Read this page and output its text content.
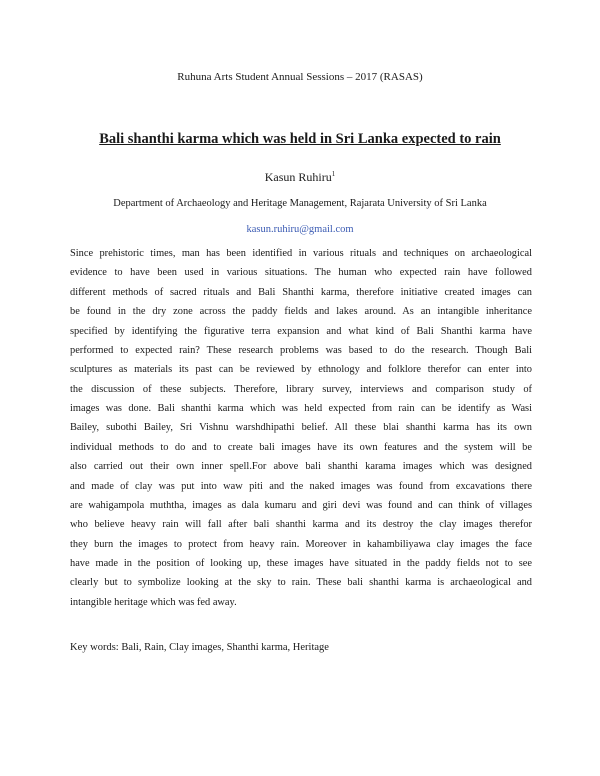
Ruhuna Arts Student Annual Sessions – 2017 (RASAS)
Bali shanthi karma which was held in Sri Lanka expected to rain
Kasun Ruhiru$^1$
Department of Archaeology and Heritage Management, Rajarata University of Sri Lanka
kasun.ruhiru@gmail.com
Since prehistoric times, man has been identified in various rituals and techniques on archaeological
evidence to have been used in various situations. The human who expected rain have followed
different methods of sacred rituals and Bali Shanthi karma, therefore initiative created images can
be found in the dry zone across the paddy fields and lakes around. As an intangible inheritance
specified by identifying the figurative terra expansion and what kind of Bali Shanthi karma have
performed to expected rain? These research problems was based to do the research. Though Bali
sculptures as materials its past can be reviewed by ethnology and folklore therefor can enter into
the discussion of these subjects. Therefore, library survey, interviews and comparison study of
images was done. Bali shanthi karma which was held expected from rain can be identify as Wasi
Bailey, subothi Bailey, Sri Vishnu warshdhipathi belief. All these blai shanthi karma has its own
individual methods to do and to create bali images have its own features and the system will be
also carried out their own inner spell.For above bali shanthi karama images which was designed
and made of clay was put into waw piti and the naked images was found from excavations there
are wahigampola muththa, images as dala kumaru and giri devi was found and can think of villages
who believe heavy rain will fall after bali shanthi karma and its destroy the clay images therefor
they burn the images to protect from heavy rain. Moreover in kahambiliyawa clay images the face
have made in the position of looking up, these images have situated in the paddy fields not to see
clearly but to symbolize looking at the sky to rain. These bali shanthi karma is archaeological and
intangible heritage which was fed away.
Key words: Bali, Rain, Clay images, Shanthi karma, Heritage
